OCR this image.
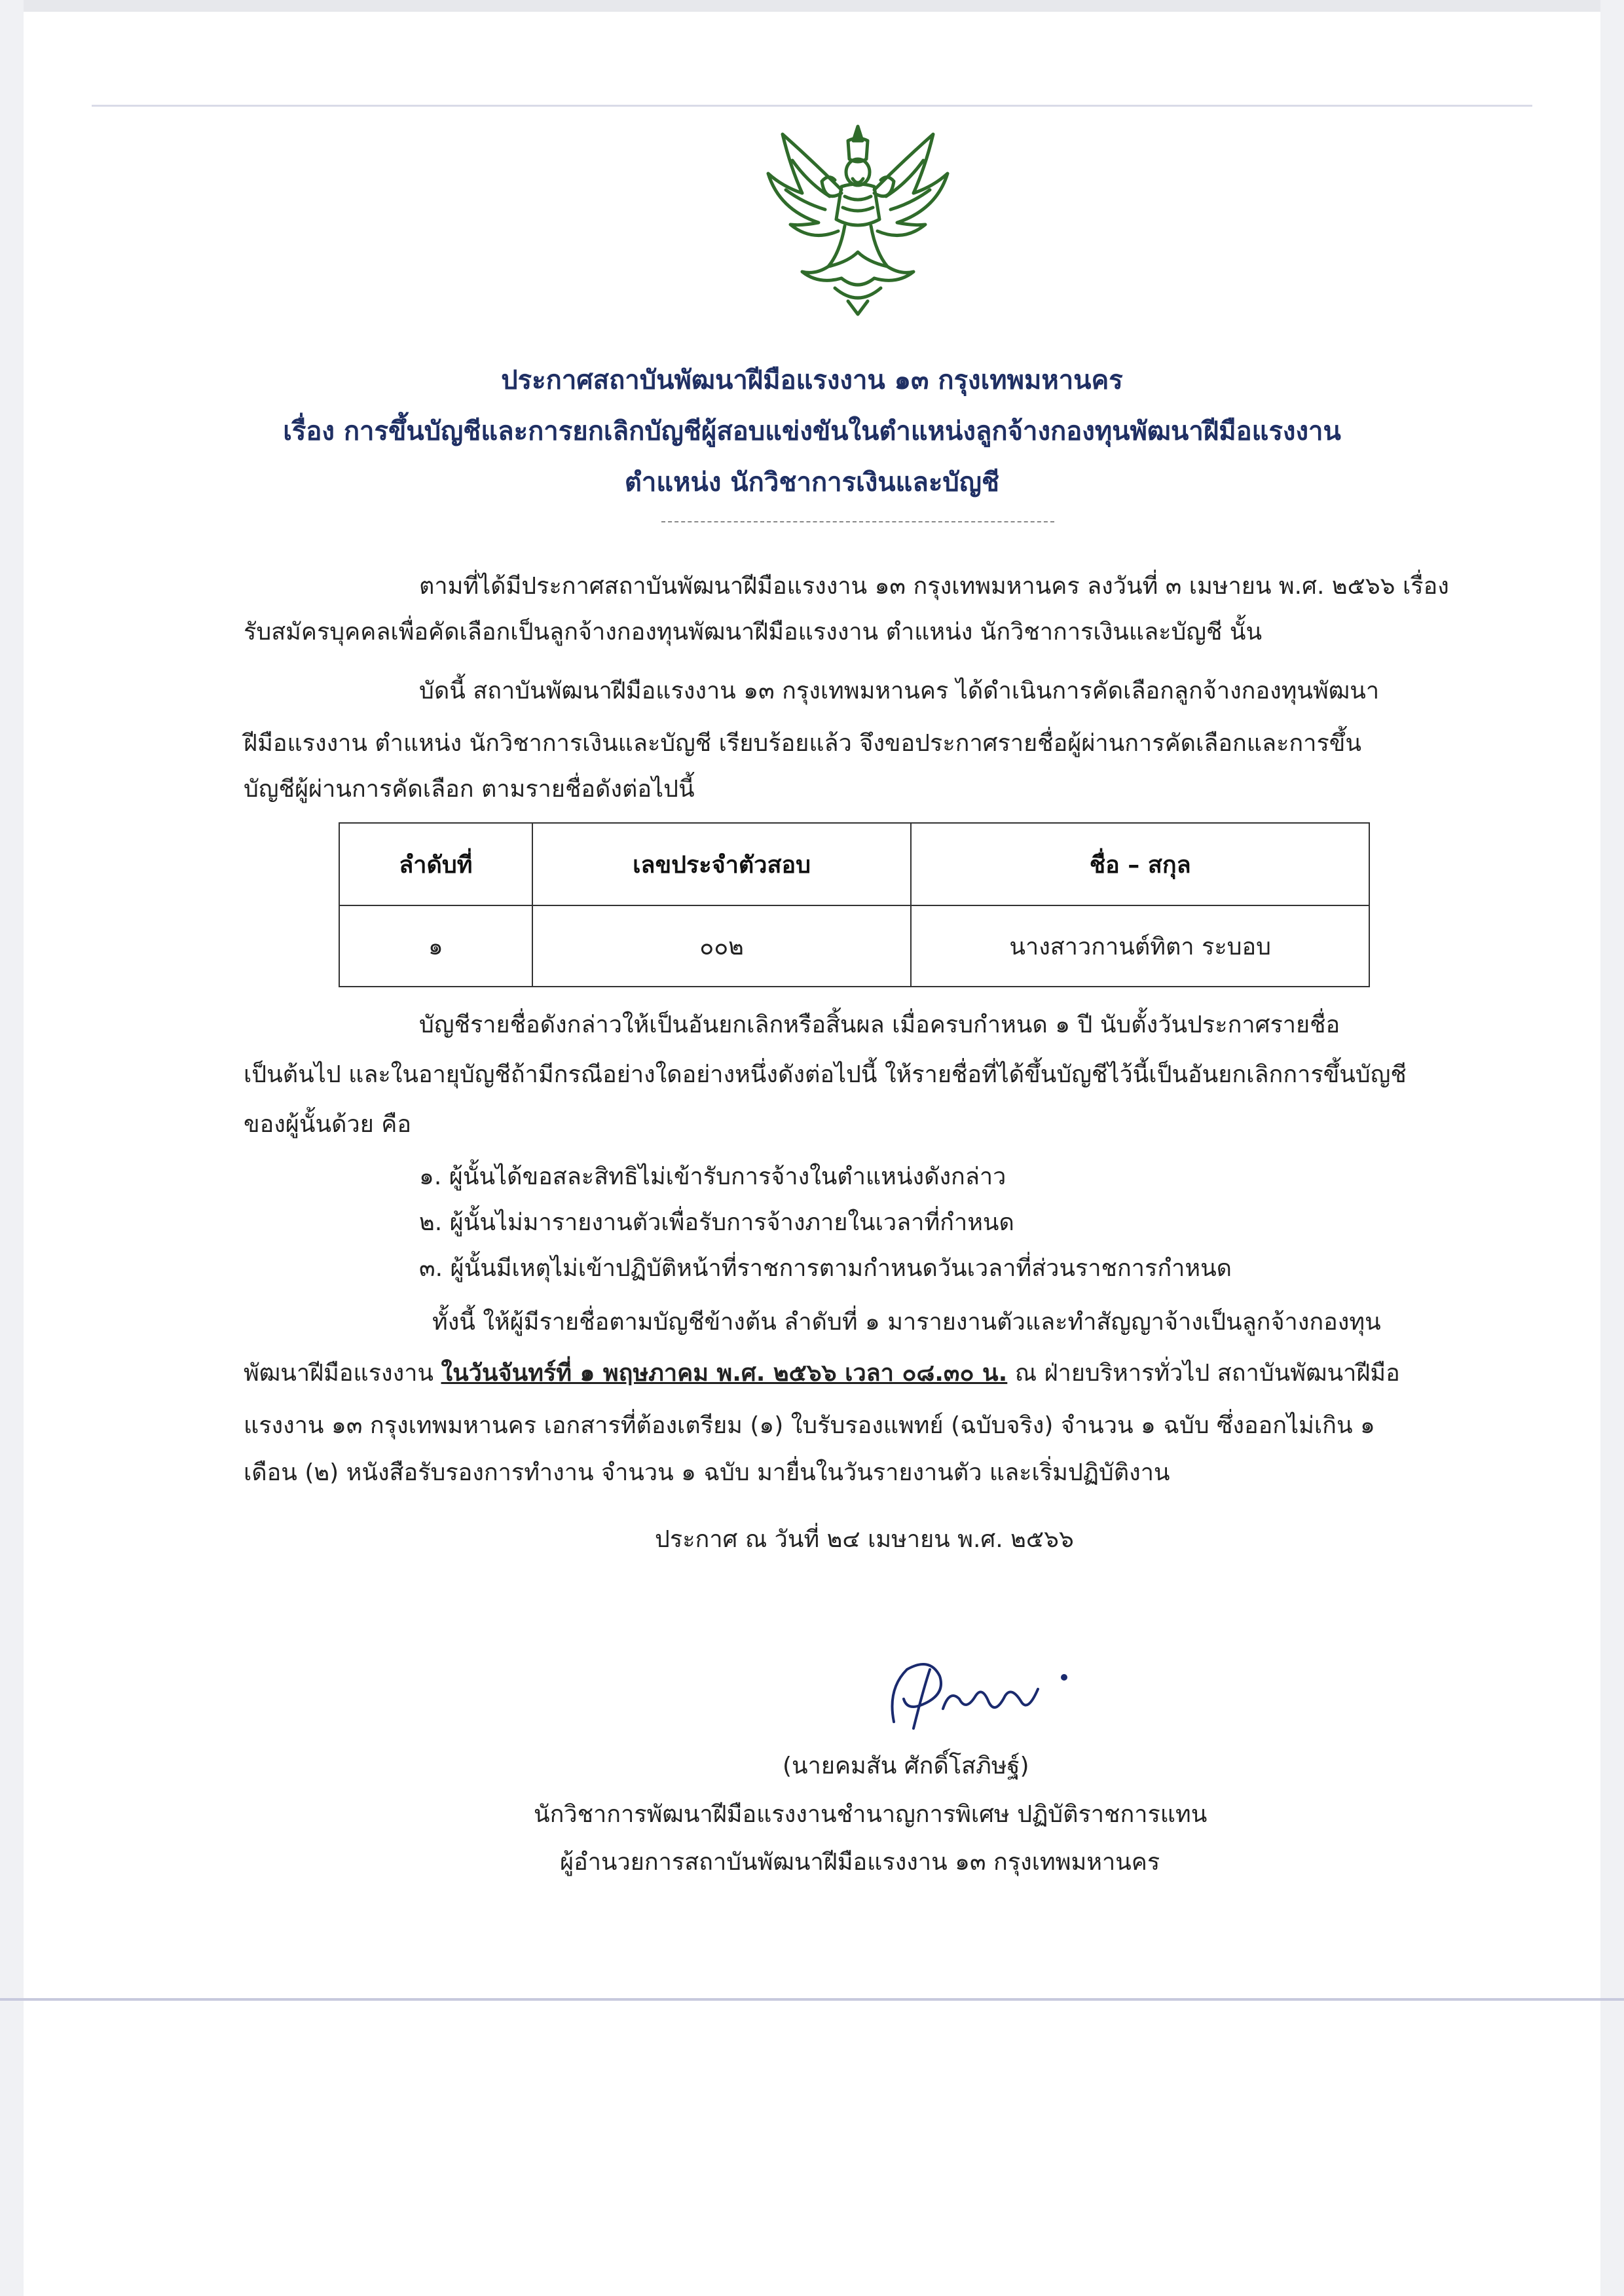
ประกาศสถาบันพัฒนาฝีมือแรงงาน ๑๓ กรุงเทพมหานคร
เรื่อง การขึ้นบัญชีและการยกเลิกบัญชีผู้สอบแข่งขันในตำแหน่งลูกจ้างกองทุนพัฒนาฝีมือแรงงาน
ตำแหน่ง นักวิชาการเงินและบัญชี
ตามที่ได้มีประกาศสถาบันพัฒนาฝีมือแรงงาน ๑๓ กรุงเทพมหานคร ลงวันที่ ๓ เมษายน พ.ศ. ๒๕๖๖ เรื่อง
รับสมัครบุคคลเพื่อคัดเลือกเป็นลูกจ้างกองทุนพัฒนาฝีมือแรงงาน ตำแหน่ง นักวิชาการเงินและบัญชี นั้น
บัดนี้ สถาบันพัฒนาฝีมือแรงงาน ๑๓ กรุงเทพมหานคร ได้ดำเนินการคัดเลือกลูกจ้างกองทุนพัฒนา
ฝีมือแรงงาน ตำแหน่ง นักวิชาการเงินและบัญชี เรียบร้อยแล้ว จึงขอประกาศรายชื่อผู้ผ่านการคัดเลือกและการขึ้น
บัญชีผู้ผ่านการคัดเลือก ตามรายชื่อดังต่อไปนี้
ลำดับที่	เลขประจำตัวสอบ	ชื่อ – สกุล
๑	๐๐๒	นางสาวกานต์ทิตา ระบอบ
บัญชีรายชื่อดังกล่าวให้เป็นอันยกเลิกหรือสิ้นผล เมื่อครบกำหนด ๑ ปี นับตั้งวันประกาศรายชื่อ
เป็นต้นไป และในอายุบัญชีถ้ามีกรณีอย่างใดอย่างหนึ่งดังต่อไปนี้ ให้รายชื่อที่ได้ขึ้นบัญชีไว้นี้เป็นอันยกเลิกการขึ้นบัญชี
ของผู้นั้นด้วย คือ
๑. ผู้นั้นได้ขอสละสิทธิไม่เข้ารับการจ้างในตำแหน่งดังกล่าว
๒. ผู้นั้นไม่มารายงานตัวเพื่อรับการจ้างภายในเวลาที่กำหนด
๓. ผู้นั้นมีเหตุไม่เข้าปฏิบัติหน้าที่ราชการตามกำหนดวันเวลาที่ส่วนราชการกำหนด
ทั้งนี้ ให้ผู้มีรายชื่อตามบัญชีข้างต้น ลำดับที่ ๑ มารายงานตัวและทำสัญญาจ้างเป็นลูกจ้างกองทุน
พัฒนาฝีมือแรงงาน ในวันจันทร์ที่ ๑ พฤษภาคม พ.ศ. ๒๕๖๖ เวลา ๐๘.๓๐ น. ณ ฝ่ายบริหารทั่วไป สถาบันพัฒนาฝีมือ
แรงงาน ๑๓ กรุงเทพมหานคร เอกสารที่ต้องเตรียม (๑) ใบรับรองแพทย์ (ฉบับจริง) จำนวน ๑ ฉบับ ซึ่งออกไม่เกิน ๑
เดือน (๒) หนังสือรับรองการทำงาน จำนวน ๑ ฉบับ มายื่นในวันรายงานตัว และเริ่มปฏิบัติงาน
ประกาศ ณ วันที่ ๒๔ เมษายน พ.ศ. ๒๕๖๖
(นายคมสัน ศักดิ์โสภิษฐ์)
นักวิชาการพัฒนาฝีมือแรงงานชำนาญการพิเศษ ปฏิบัติราชการแทน
ผู้อำนวยการสถาบันพัฒนาฝีมือแรงงาน ๑๓ กรุงเทพมหานคร
